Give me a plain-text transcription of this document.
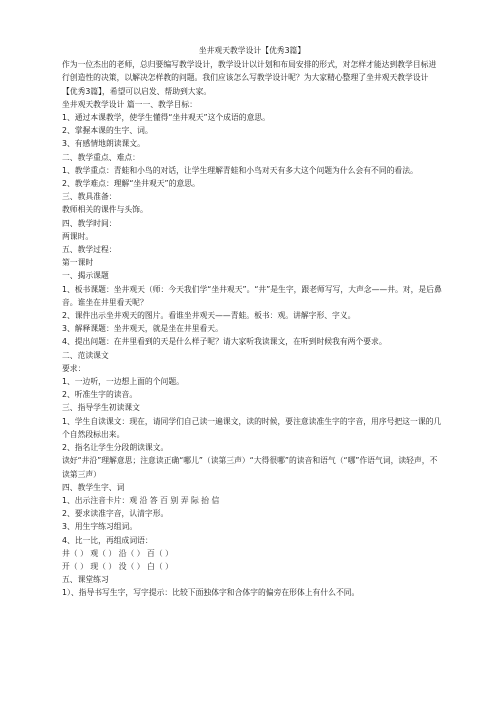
坐井观天教学设计【优秀3篇】
作为一位杰出的老师，总归要编写教学设计，教学设计以计划和布局安排的形式，对怎样才能达到教学目标进行创造性的决策，以解决怎样教的问题。我们应该怎么写教学设计呢？为大家精心整理了坐井观天教学设计【优秀3篇】，希望可以启发、帮助到大家。
坐井观天教学设计 篇一一、教学目标：
1、通过本课教学，使学生懂得“坐井观天”这个成语的意思。
2、掌握本课的生字、词。
3、有感情地朗读课文。
二、教学重点、难点：
1、教学重点：青蛙和小鸟的对话，让学生理解青蛙和小鸟对天有多大这个问题为什么会有不同的看法。
2、教学难点：理解“坐井观天”的意思。
三、教具准备：
教师相关的课件与头饰。
四、教学时间：
两课时。
五、教学过程：
第一课时
一、揭示课题
1、板书课题：坐井观天（师：今天我们学“坐井观天”。“井”是生字，跟老师写写，大声念——井。对，是后鼻音。谁坐在井里看天呢？
2、课件出示坐井观天的图片。看谁坐井观天——青蛙。板书：观。讲解字形、字义。
3、解释课题：坐井观天，就是坐在井里看天。
4、提出问题：在井里看到的天是什么样子呢？请大家听我读课文，在听到时候我有两个要求。
二、范读课文
要求：
1、一边听，一边想上面的个问题。
2、听准生字的读音。
三、指导学生初读课文
1、学生自读课文：现在，请同学们自己读一遍课文，读的时候，要注意读准生字的字音，用序号把这一课的几个自然段标出来。
2、指名让学生分段朗读课文。
读好“井沿”理解意思；注意读正确“哪儿”（读第三声）“大得很哪”的读音和语气（“哪”作语气词，读轻声，不读第三声）
四、教学生字、词
1、出示注音卡片：观 沿 答 百 别 弄 际 抬 信
2、要求读准字音，认清字形。
3、用生字练习组词。
4、比一比，再组成词语：
井（ ） 观（ ） 沿（ ） 百（ ）
开（ ） 现（ ） 没（ ） 白（ ）
五、课堂练习
1）、指导书写生字，写字提示：比较下面独体字和合体字的偏旁在形体上有什么不同。
